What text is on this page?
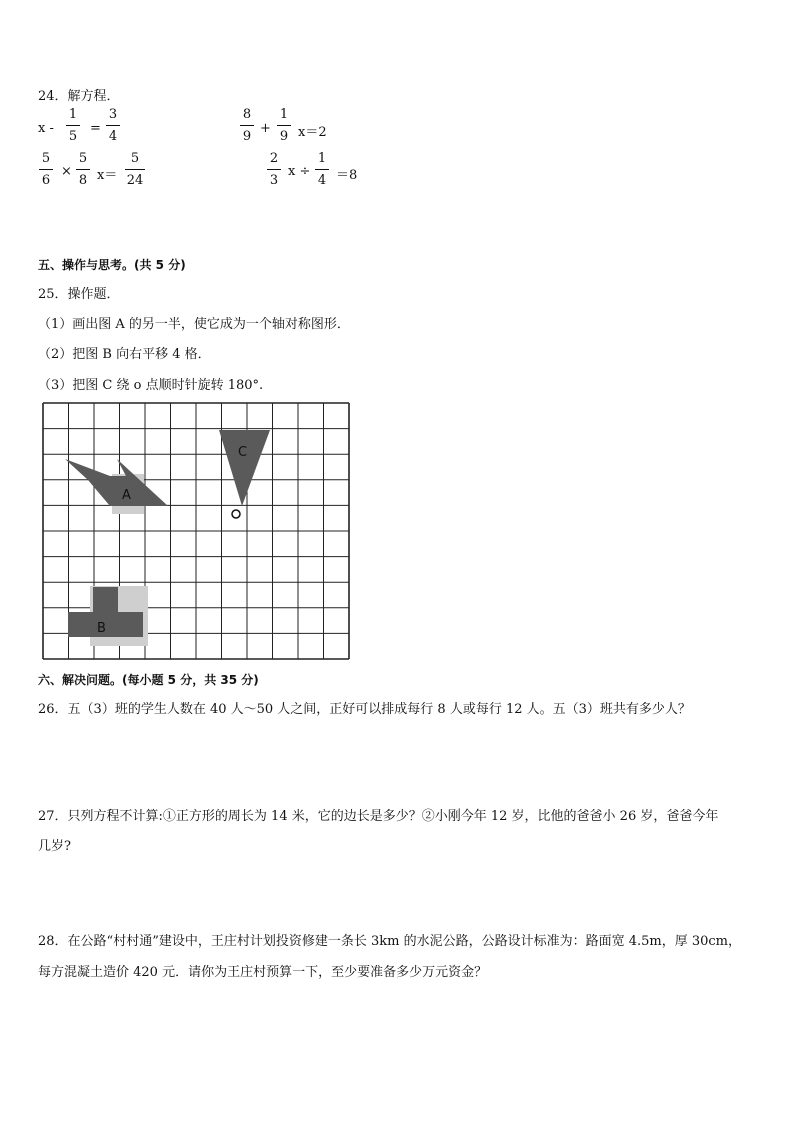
24．解方程．
x -
1
5
=
3
4
8
9
+
1
9 x＝2
5
6
×
5
8 x＝
5
24
2
3
x ÷
1
4 ＝8
五、操作与思考。(共 5 分)
25．操作题．
（1）画出图 A 的另一半，使它成为一个轴对称图形．
（2）把图 B 向右平移 4 格．
（3）把图 C 绕 o 点顺时针旋转 180°.
A
C
B
六、解决问题。(每小题 5 分，共 35 分)
26．五（3）班的学生人数在 40 人～50 人之间，正好可以排成每行 8 人或每行 12 人。五（3）班共有多少人？
27．只列方程不计算:①正方形的周长为 14 米，它的边长是多少？②小刚今年 12 岁，比他的爸爸小 26 岁，爸爸今年
几岁?
28．在公路“村村通”建设中，王庄村计划投资修建一条长 3km 的水泥公路，公路设计标准为：路面宽 4.5m，厚 30cm，
每方混凝土造价 420 元．请你为王庄村预算一下，至少要准备多少万元资金？
